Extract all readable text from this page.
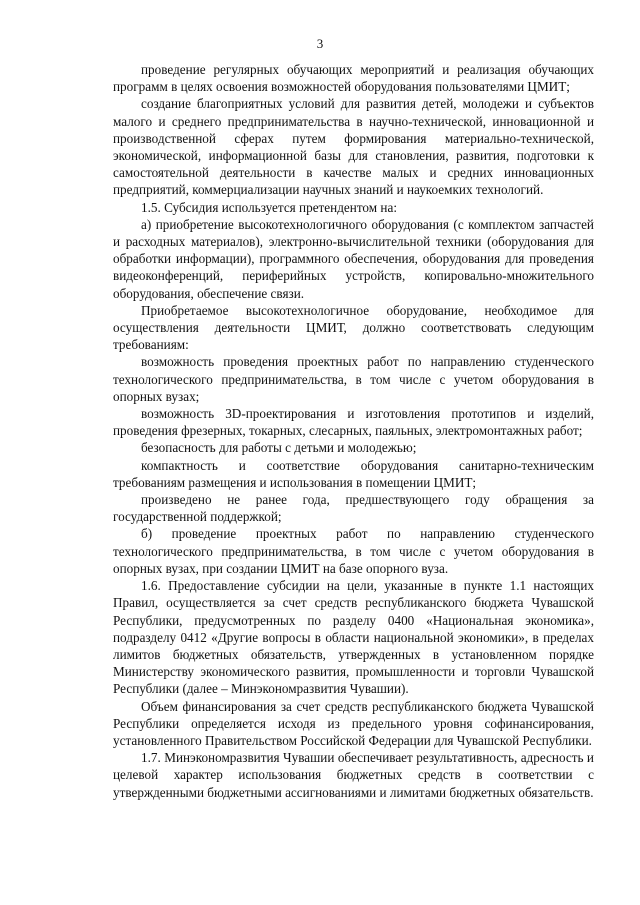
3

проведение регулярных обучающих мероприятий и реализация обучающих программ в целях освоения возможностей оборудования пользователями ЦМИТ;

создание благоприятных условий для развития детей, молодежи и субъектов малого и среднего предпринимательства в научно-технической, инновационной и производственной сферах путем формирования материально-технической, экономической, информационной базы для становления, развития, подготовки к самостоятельной деятельности в качестве малых и средних инновационных предприятий, коммерциализации научных знаний и наукоемких технологий.

1.5. Субсидия используется претендентом на:

а) приобретение высокотехнологичного оборудования (с комплектом запчастей и расходных материалов), электронно-вычислительной техники (оборудования для обработки информации), программного обеспечения, оборудования для проведения видеоконференций, периферийных устройств, копировально-множительного оборудования, обеспечение связи.

Приобретаемое высокотехнологичное оборудование, необходимое для осуществления деятельности ЦМИТ, должно соответствовать следующим требованиям:

возможность проведения проектных работ по направлению студенческого технологического предпринимательства, в том числе с учетом оборудования в опорных вузах;

возможность 3D-проектирования и изготовления прототипов и изделий, проведения фрезерных, токарных, слесарных, паяльных, электромонтажных работ;

безопасность для работы с детьми и молодежью;

компактность и соответствие оборудования санитарно-техническим требованиям размещения и использования в помещении ЦМИТ;

произведено не ранее года, предшествующего году обращения за государственной поддержкой;

б) проведение проектных работ по направлению студенческого технологического предпринимательства, в том числе с учетом оборудования в опорных вузах, при создании ЦМИТ на базе опорного вуза.

1.6. Предоставление субсидии на цели, указанные в пункте 1.1 настоящих Правил, осуществляется за счет средств республиканского бюджета Чувашской Республики, предусмотренных по разделу 0400 «Национальная экономика», подразделу 0412 «Другие вопросы в области национальной экономики», в пределах лимитов бюджетных обязательств, утвержденных в установленном порядке Министерству экономического развития, промышленности и торговли Чувашской Республики (далее – Минэкономразвития Чувашии).

Объем финансирования за счет средств республиканского бюджета Чувашской Республики определяется исходя из предельного уровня софинансирования, установленного Правительством Российской Федерации для Чувашской Республики.

1.7. Минэкономразвития Чувашии обеспечивает результативность, адресность и целевой характер использования бюджетных средств в соответствии с утвержденными бюджетными ассигнованиями и лимитами бюджетных обязательств.
